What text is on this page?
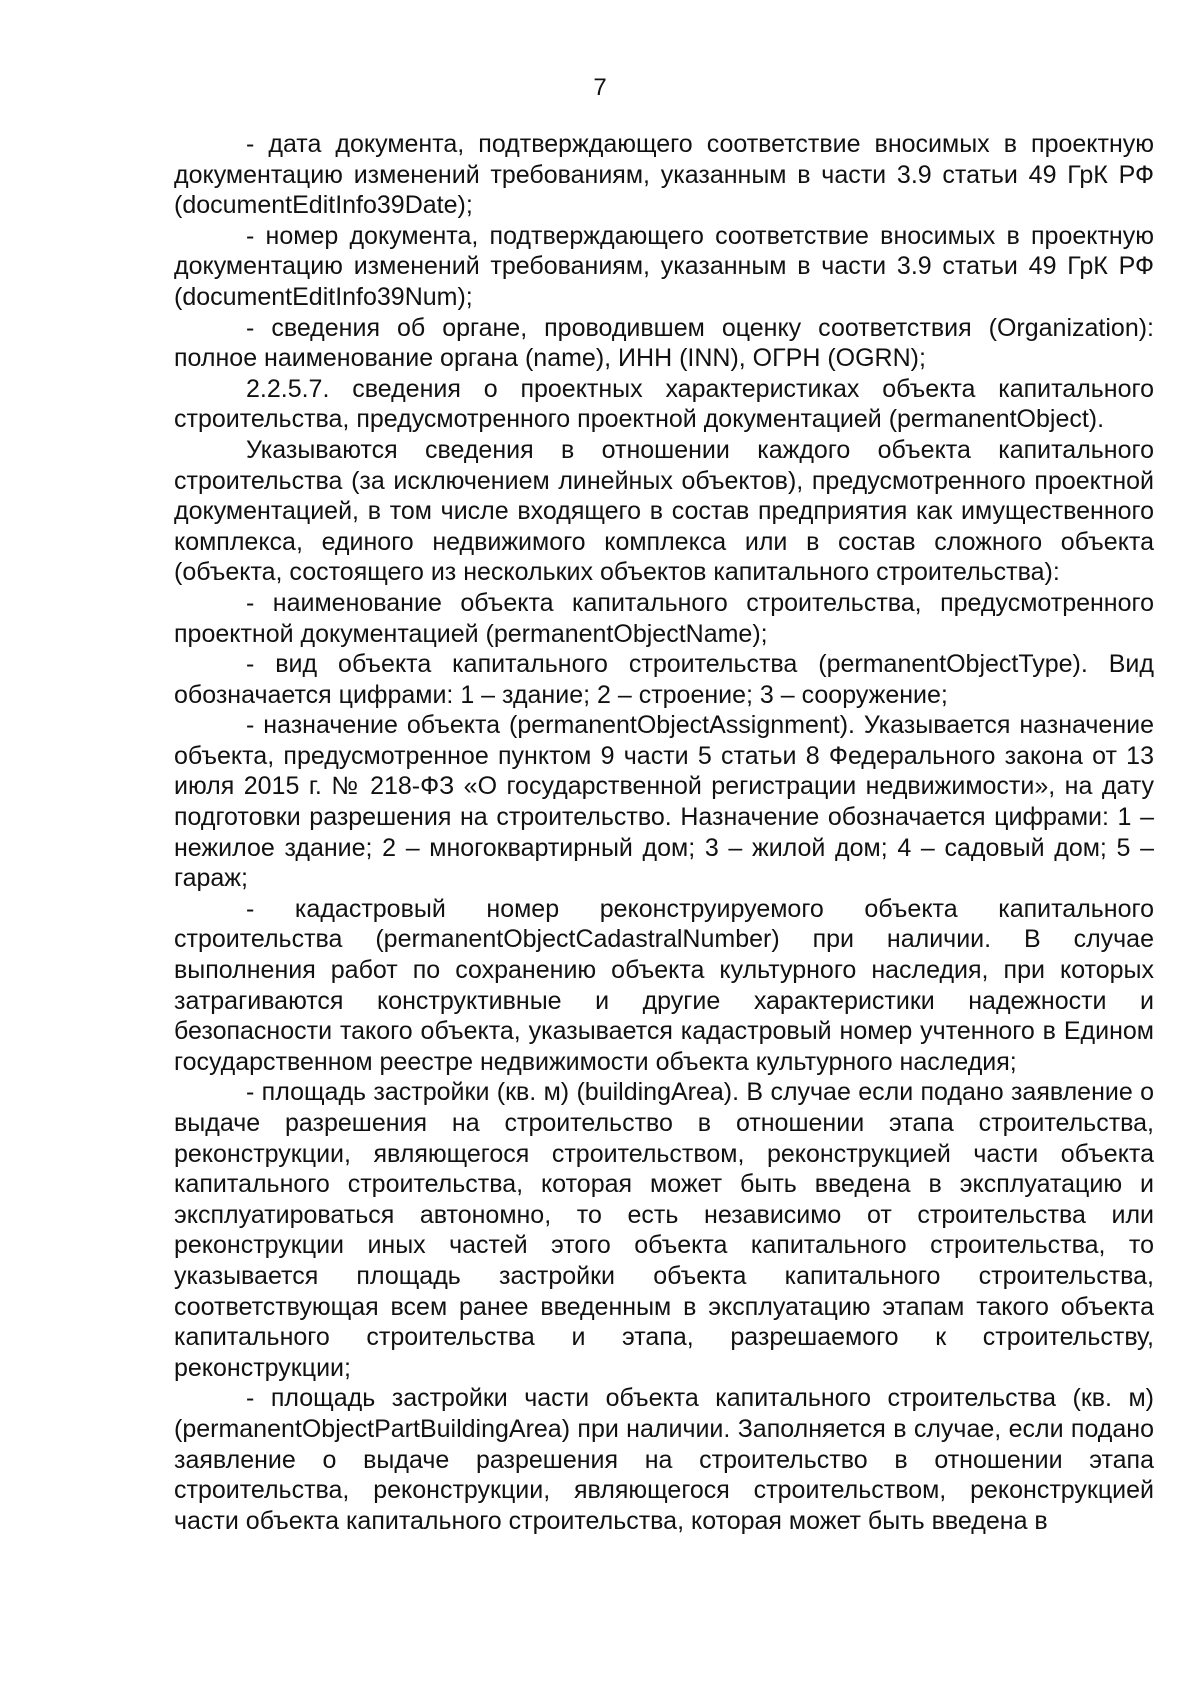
7

- дата документа, подтверждающего соответствие вносимых в проектную документацию изменений требованиям, указанным в части 3.9 статьи 49 ГрК РФ (documentEditInfo39Date);

- номер документа, подтверждающего соответствие вносимых в проектную документацию изменений требованиям, указанным в части 3.9 статьи 49 ГрК РФ (documentEditInfo39Num);

- сведения об органе, проводившем оценку соответствия (Organization): полное наименование органа (name), ИНН (INN), ОГРН (OGRN);

2.2.5.7. сведения о проектных характеристиках объекта капитального строительства, предусмотренного проектной документацией (permanentObject).

Указываются сведения в отношении каждого объекта капитального строительства (за исключением линейных объектов), предусмотренного проектной документацией, в том числе входящего в состав предприятия как имущественного комплекса, единого недвижимого комплекса или в состав сложного объекта (объекта, состоящего из нескольких объектов капитального строительства):

- наименование объекта капитального строительства, предусмотренного проектной документацией (permanentObjectName);

- вид объекта капитального строительства (permanentObjectType). Вид обозначается цифрами: 1 – здание; 2 – строение; 3 – сооружение;

- назначение объекта (permanentObjectAssignment). Указывается назначение объекта, предусмотренное пунктом 9 части 5 статьи 8 Федерального закона от 13 июля 2015 г. № 218-ФЗ «О государственной регистрации недвижимости», на дату подготовки разрешения на строительство. Назначение обозначается цифрами: 1 – нежилое здание; 2 – многоквартирный дом; 3 – жилой дом; 4 – садовый дом; 5 – гараж;

- кадастровый номер реконструируемого объекта капитального строительства (permanentObjectCadastralNumber) при наличии. В случае выполнения работ по сохранению объекта культурного наследия, при которых затрагиваются конструктивные и другие характеристики надежности и безопасности такого объекта, указывается кадастровый номер учтенного в Едином государственном реестре недвижимости объекта культурного наследия;

- площадь застройки (кв. м) (buildingArea). В случае если подано заявление о выдаче разрешения на строительство в отношении этапа строительства, реконструкции, являющегося строительством, реконструкцией части объекта капитального строительства, которая может быть введена в эксплуатацию и эксплуатироваться автономно, то есть независимо от строительства или реконструкции иных частей этого объекта капитального строительства, то указывается площадь застройки объекта капитального строительства, соответствующая всем ранее введенным в эксплуатацию этапам такого объекта капитального строительства и этапа, разрешаемого к строительству, реконструкции;

- площадь застройки части объекта капитального строительства (кв. м) (permanentObjectPartBuildingArea) при наличии. Заполняется в случае, если подано заявление о выдаче разрешения на строительство в отношении этапа строительства, реконструкции, являющегося строительством, реконструкцией части объекта капитального строительства, которая может быть введена в
